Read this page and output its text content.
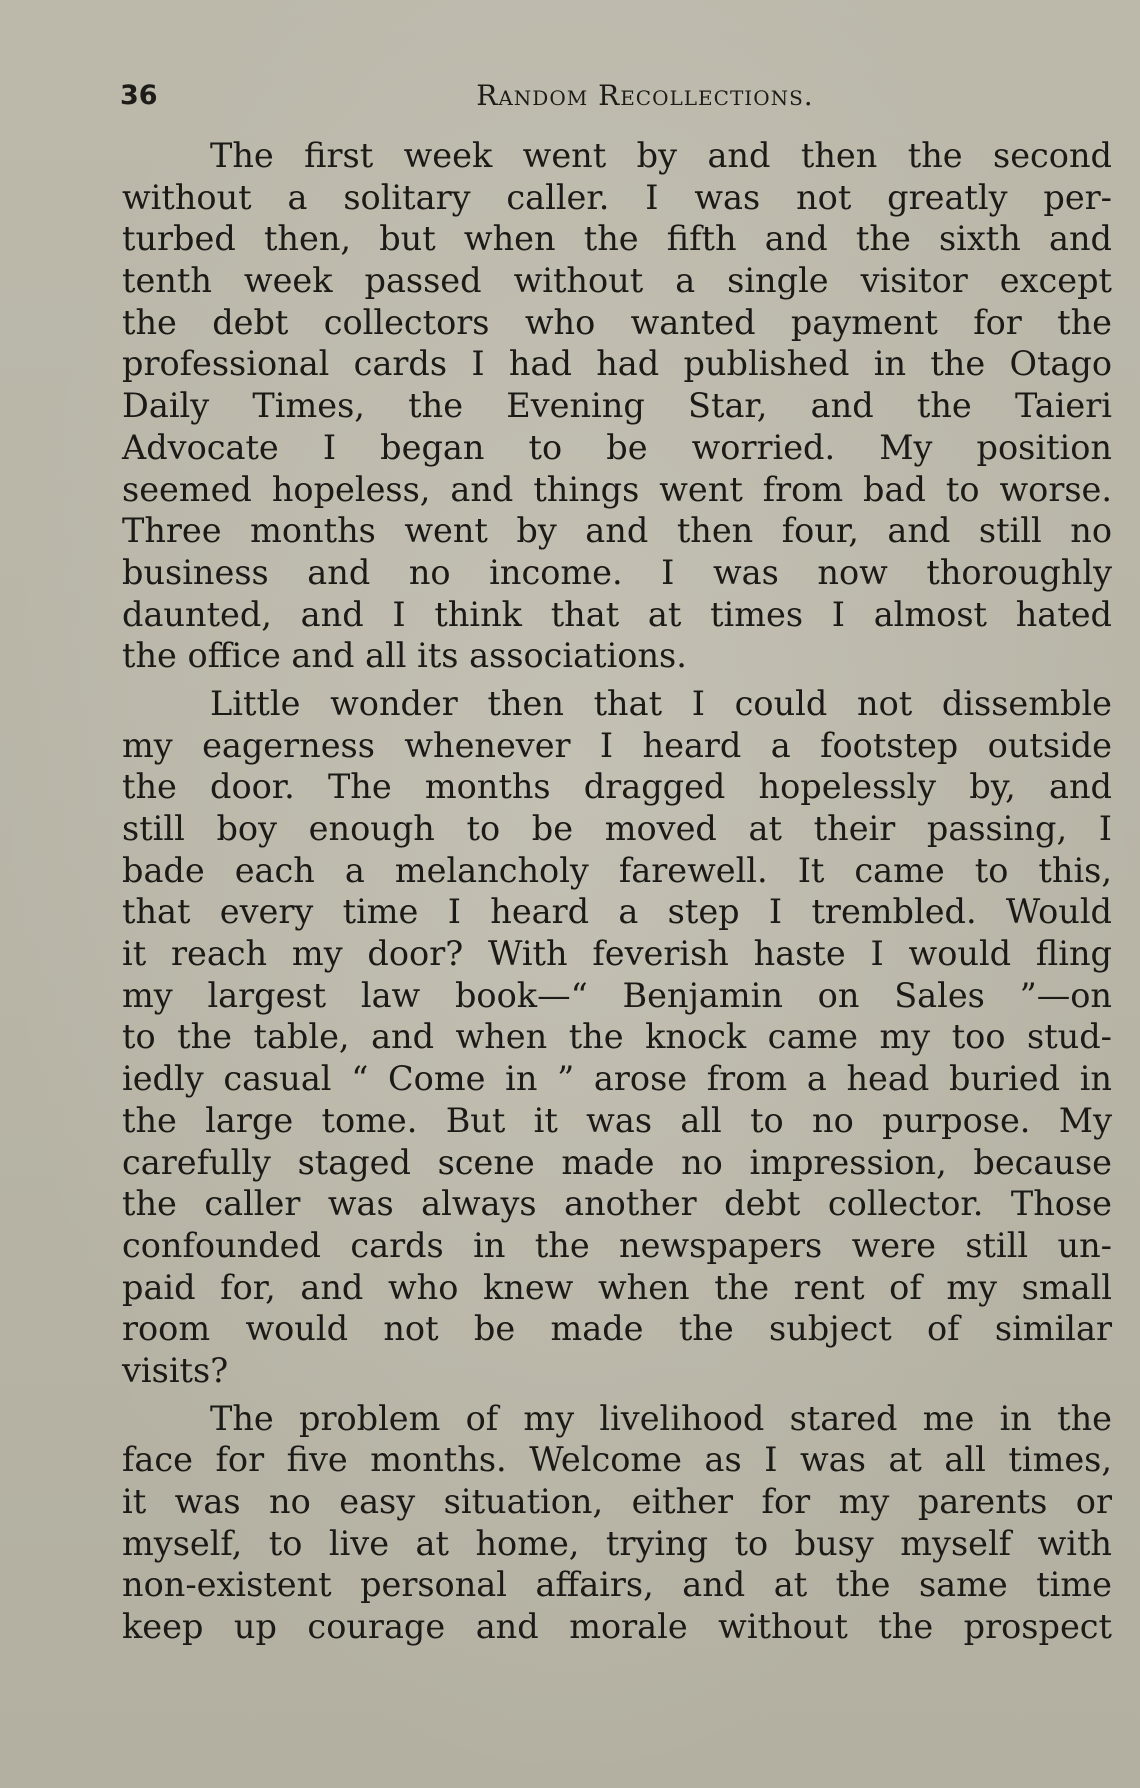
36	Random Recollections.
The first week went by and then the second
without a solitary caller. I was not greatly per-
turbed then, but when the fifth and the sixth and
tenth week passed without a single visitor except
the debt collectors who wanted payment for the
professional cards I had had published in the Otago
Daily Times, the Evening Star, and the Taieri
Advocate I began to be worried. My position
seemed hopeless, and things went from bad to worse.
Three months went by and then four, and still no
business and no income. I was now thoroughly
daunted, and I think that at times I almost hated
the office and all its associations.
Little wonder then that I could not dissemble
my eagerness whenever I heard a footstep outside
the door. The months dragged hopelessly by, and
still boy enough to be moved at their passing, I
bade each a melancholy farewell. It came to this,
that every time I heard a step I trembled. Would
it reach my door? With feverish haste I would fling
my largest law book—“ Benjamin on Sales ”—on
to the table, and when the knock came my too stud-
iedly casual “ Come in ” arose from a head buried in
the large tome. But it was all to no purpose. My
carefully staged scene made no impression, because
the caller was always another debt collector. Those
confounded cards in the newspapers were still un-
paid for, and who knew when the rent of my small
room would not be made the subject of similar
visits?
The problem of my livelihood stared me in the
face for five months. Welcome as I was at all times,
it was no easy situation, either for my parents or
myself, to live at home, trying to busy myself with
non-existent personal affairs, and at the same time
keep up courage and morale without the prospect
